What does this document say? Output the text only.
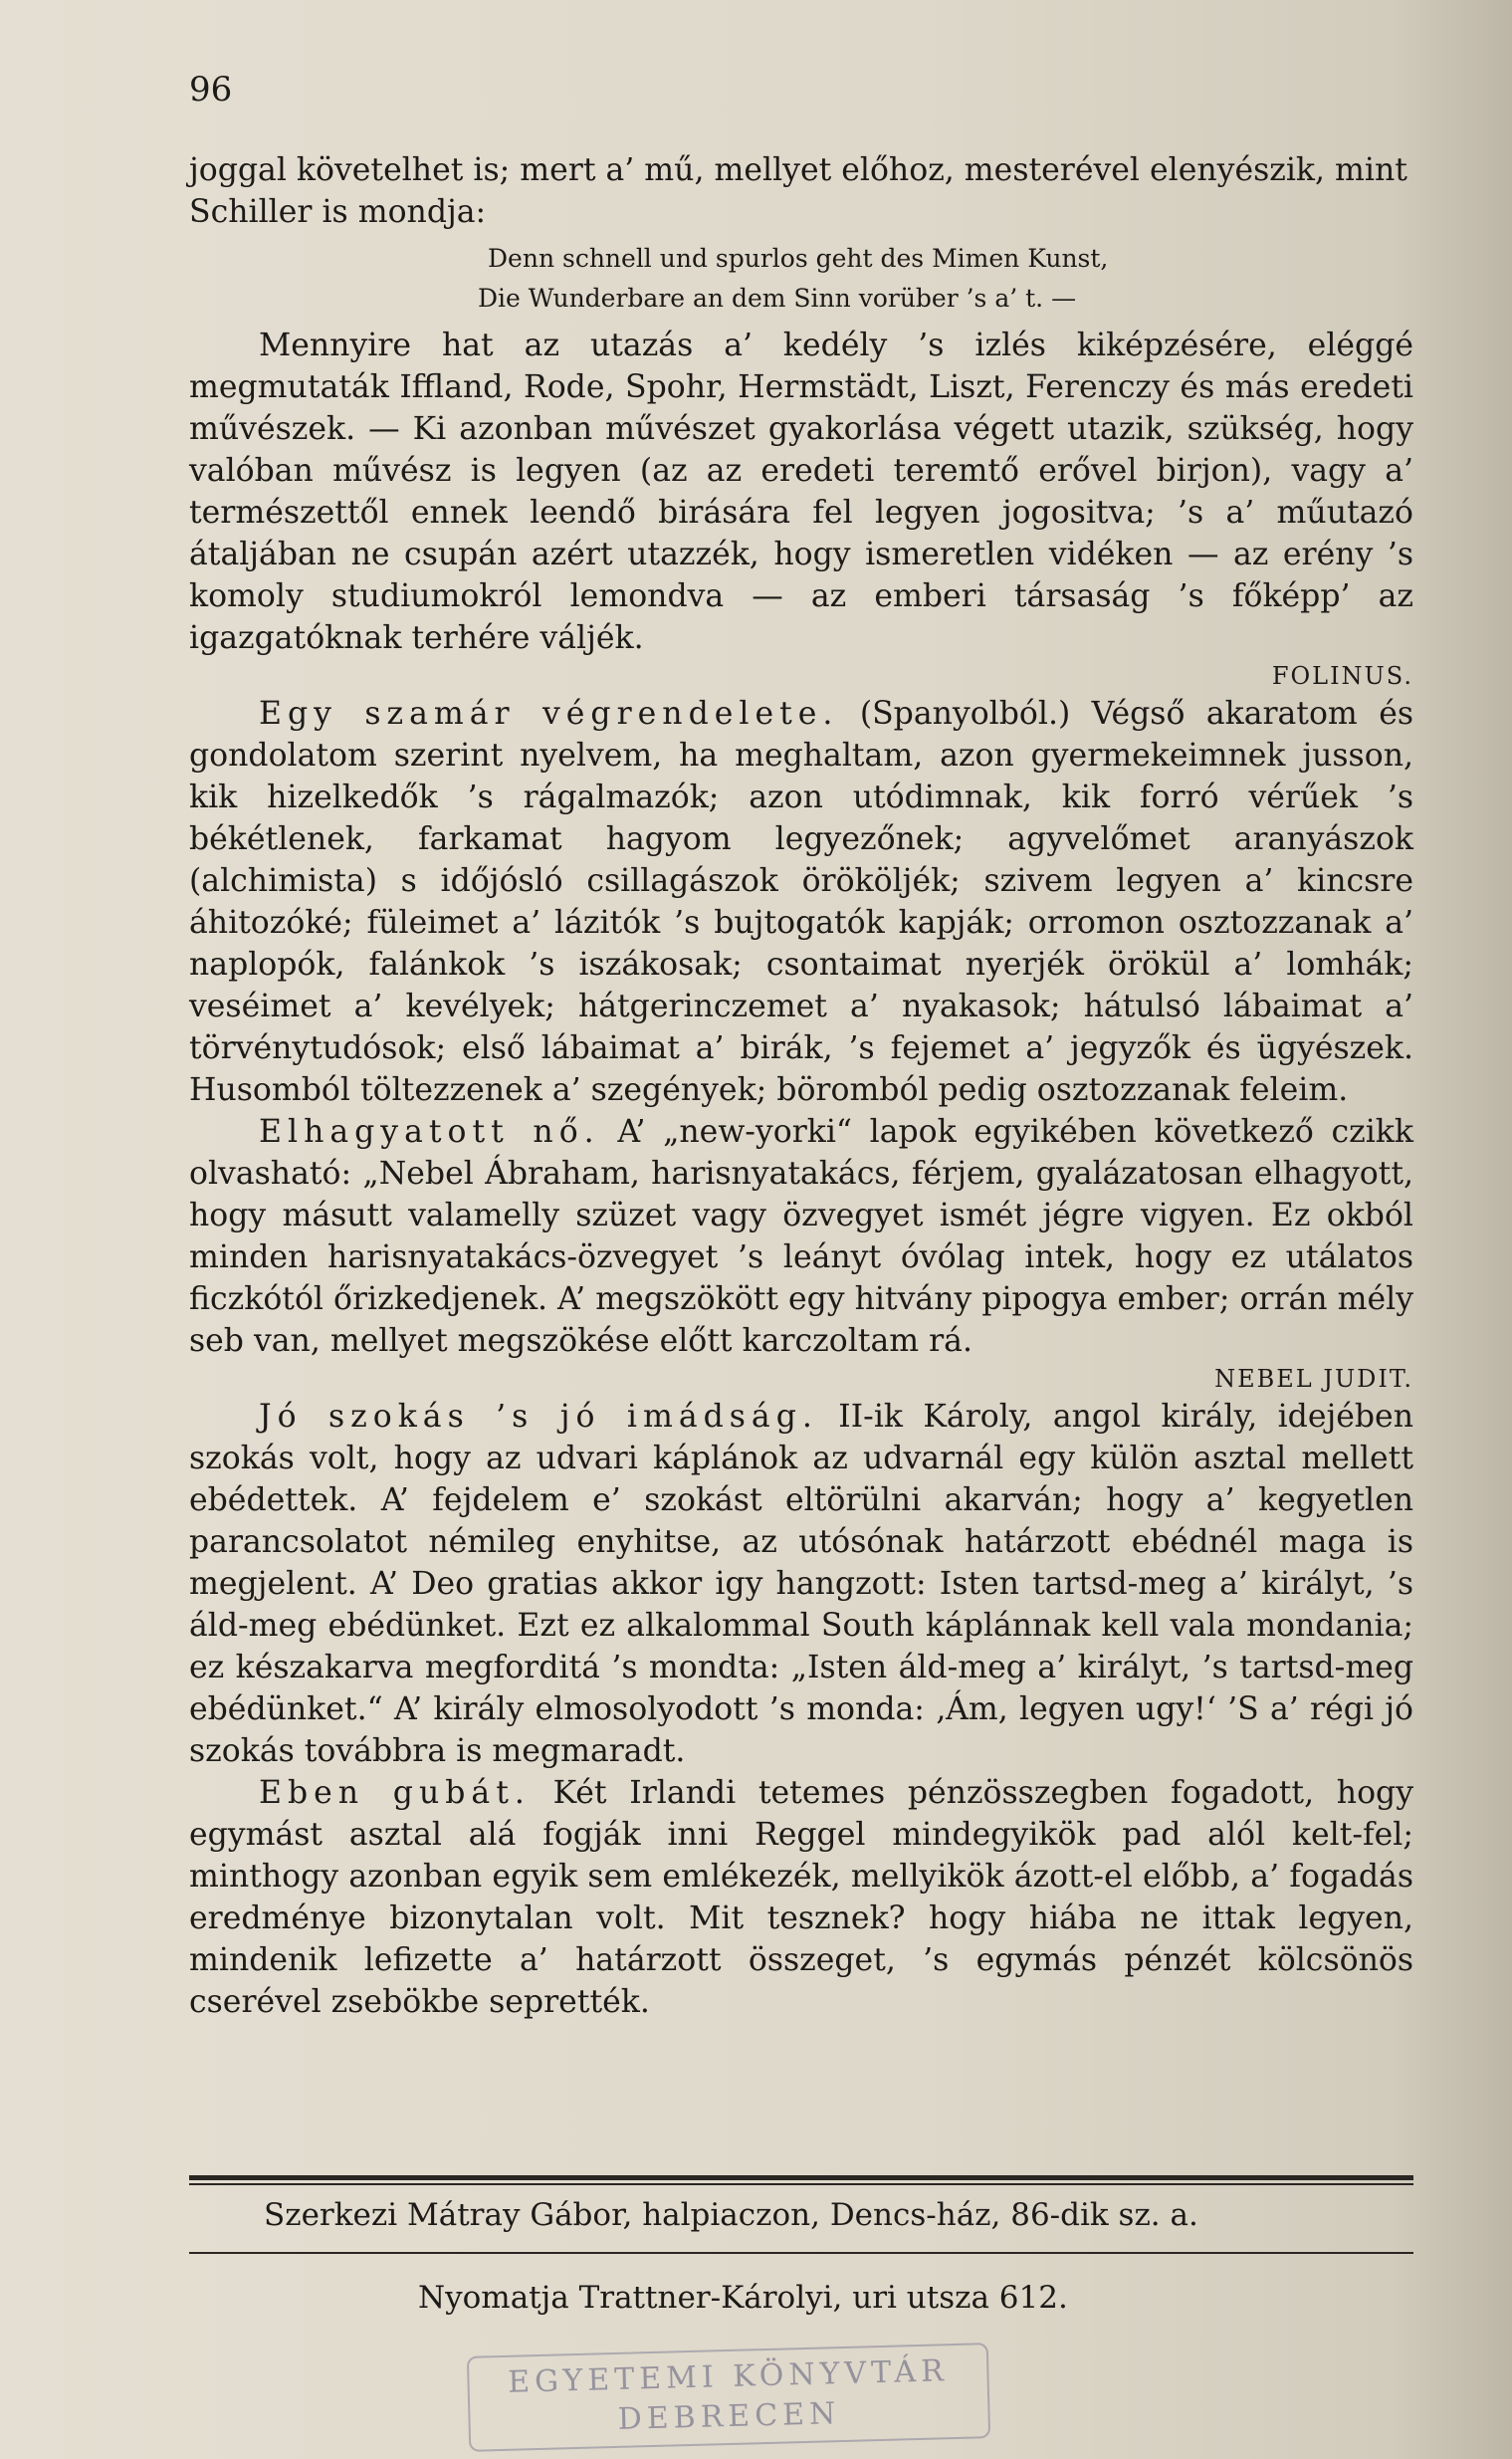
96

joggal követelhet is; mert a’ mű, mellyet előhoz, mesterével elenyészik, mint

Schiller is mondja:

Denn schnell und spurlos geht des Mimen Kunst,
Die Wunderbare an dem Sinn vorüber ’s a’ t. —

Mennyire hat az utazás a’ kedély ’s izlés kiképzésére, eléggé megmutaták Iffland, Rode, Spohr, Hermstädt, Liszt, Ferenczy és más eredeti művészek. — Ki azonban művészet gyakorlása végett utazik, szükség, hogy valóban művész is legyen (az az eredeti teremtő erővel birjon), vagy a’ természettől ennek leendő birására fel legyen jogositva; ’s a’ műutazó átaljában ne csupán azért utazzék, hogy ismeretlen vidéken — az erény ’s komoly studiumokról lemondva — az emberi társaság ’s főképp’ az igazgatóknak terhére váljék.

FOLINUS.

Egy szamár végrendelete. (Spanyolból.) Végső akaratom és gondolatom szerint nyelvem, ha meghaltam, azon gyermekeimnek jusson, kik hizelkedők ’s rágalmazók; azon utódimnak, kik forró vérűek ’s békétlenek, farkamat hagyom legyezőnek; agyvelőmet aranyászok (alchimista) s időjósló csillagászok örököljék; szivem legyen a’ kincsre áhitozóké; füleimet a’ lázitók ’s bujtogatók kapják; orromon osztozzanak a’ naplopók, falánkok ’s iszákosak; csontaimat nyerjék örökül a’ lomhák; veséimet a’ kevélyek; hátgerinczemet a’ nyakasok; hátulsó lábaimat a’ törvénytudósok; első lábaimat a’ birák, ’s fejemet a’ jegyzők és ügyészek. Husomból töltezzenek a’ szegények; böromból pedig osztozzanak feleim.

Elhagyatott nő. A’ „new-yorki“ lapok egyikében következő czikk olvasható: „Nebel Ábraham, harisnyatakács, férjem, gyalázatosan elhagyott, hogy másutt valamelly szüzet vagy özvegyet ismét jégre vigyen. Ez okból minden harisnyatakács-özvegyet ’s leányt óvólag intek, hogy ez utálatos ficzkótól őrizkedjenek. A’ megszökött egy hitvány pipogya ember; orrán mély seb van, mellyet megszökése előtt karczoltam rá.

NEBEL JUDIT.

Jó szokás ’s jó imádság. II-ik Károly, angol király, idejében szokás volt, hogy az udvari káplánok az udvarnál egy külön asztal mellett ebédettek. A’ fejdelem e’ szokást eltörülni akarván; hogy a’ kegyetlen parancsolatot némileg enyhitse, az utósónak határzott ebédnél maga is megjelent. A’ Deo gratias akkor igy hangzott: Isten tartsd-meg a’ királyt, ’s áld-meg ebédünket. Ezt ez alkalommal South káplánnak kell vala mondania; ez készakarva megforditá ’s mondta: „Isten áld-meg a’ királyt, ’s tartsd-meg ebédünket.“ A’ király elmosolyodott ’s monda: ‚Ám, legyen ugy!‘ ’S a’ régi jó szokás továbbra is megmaradt.

Eben gubát. Két Irlandi tetemes pénzösszegben fogadott, hogy egymást asztal alá fogják inni Reggel mindegyikök pad alól kelt-fel; minthogy azonban egyik sem emlékezék, mellyikök ázott-el előbb, a’ fogadás eredménye bizonytalan volt. Mit tesznek? hogy hiába ne ittak legyen, mindenik lefizette a’ határzott összeget, ’s egymás pénzét kölcsönös cserével zsebökbe seprették.

Szerkezi Mátray Gábor, halpiaczon, Dencs-ház, 86-dik sz. a.
Nyomatja Trattner-Károlyi, uri utsza 612.
EGYETEMI KÖNYVTÁR
DEBRECEN
